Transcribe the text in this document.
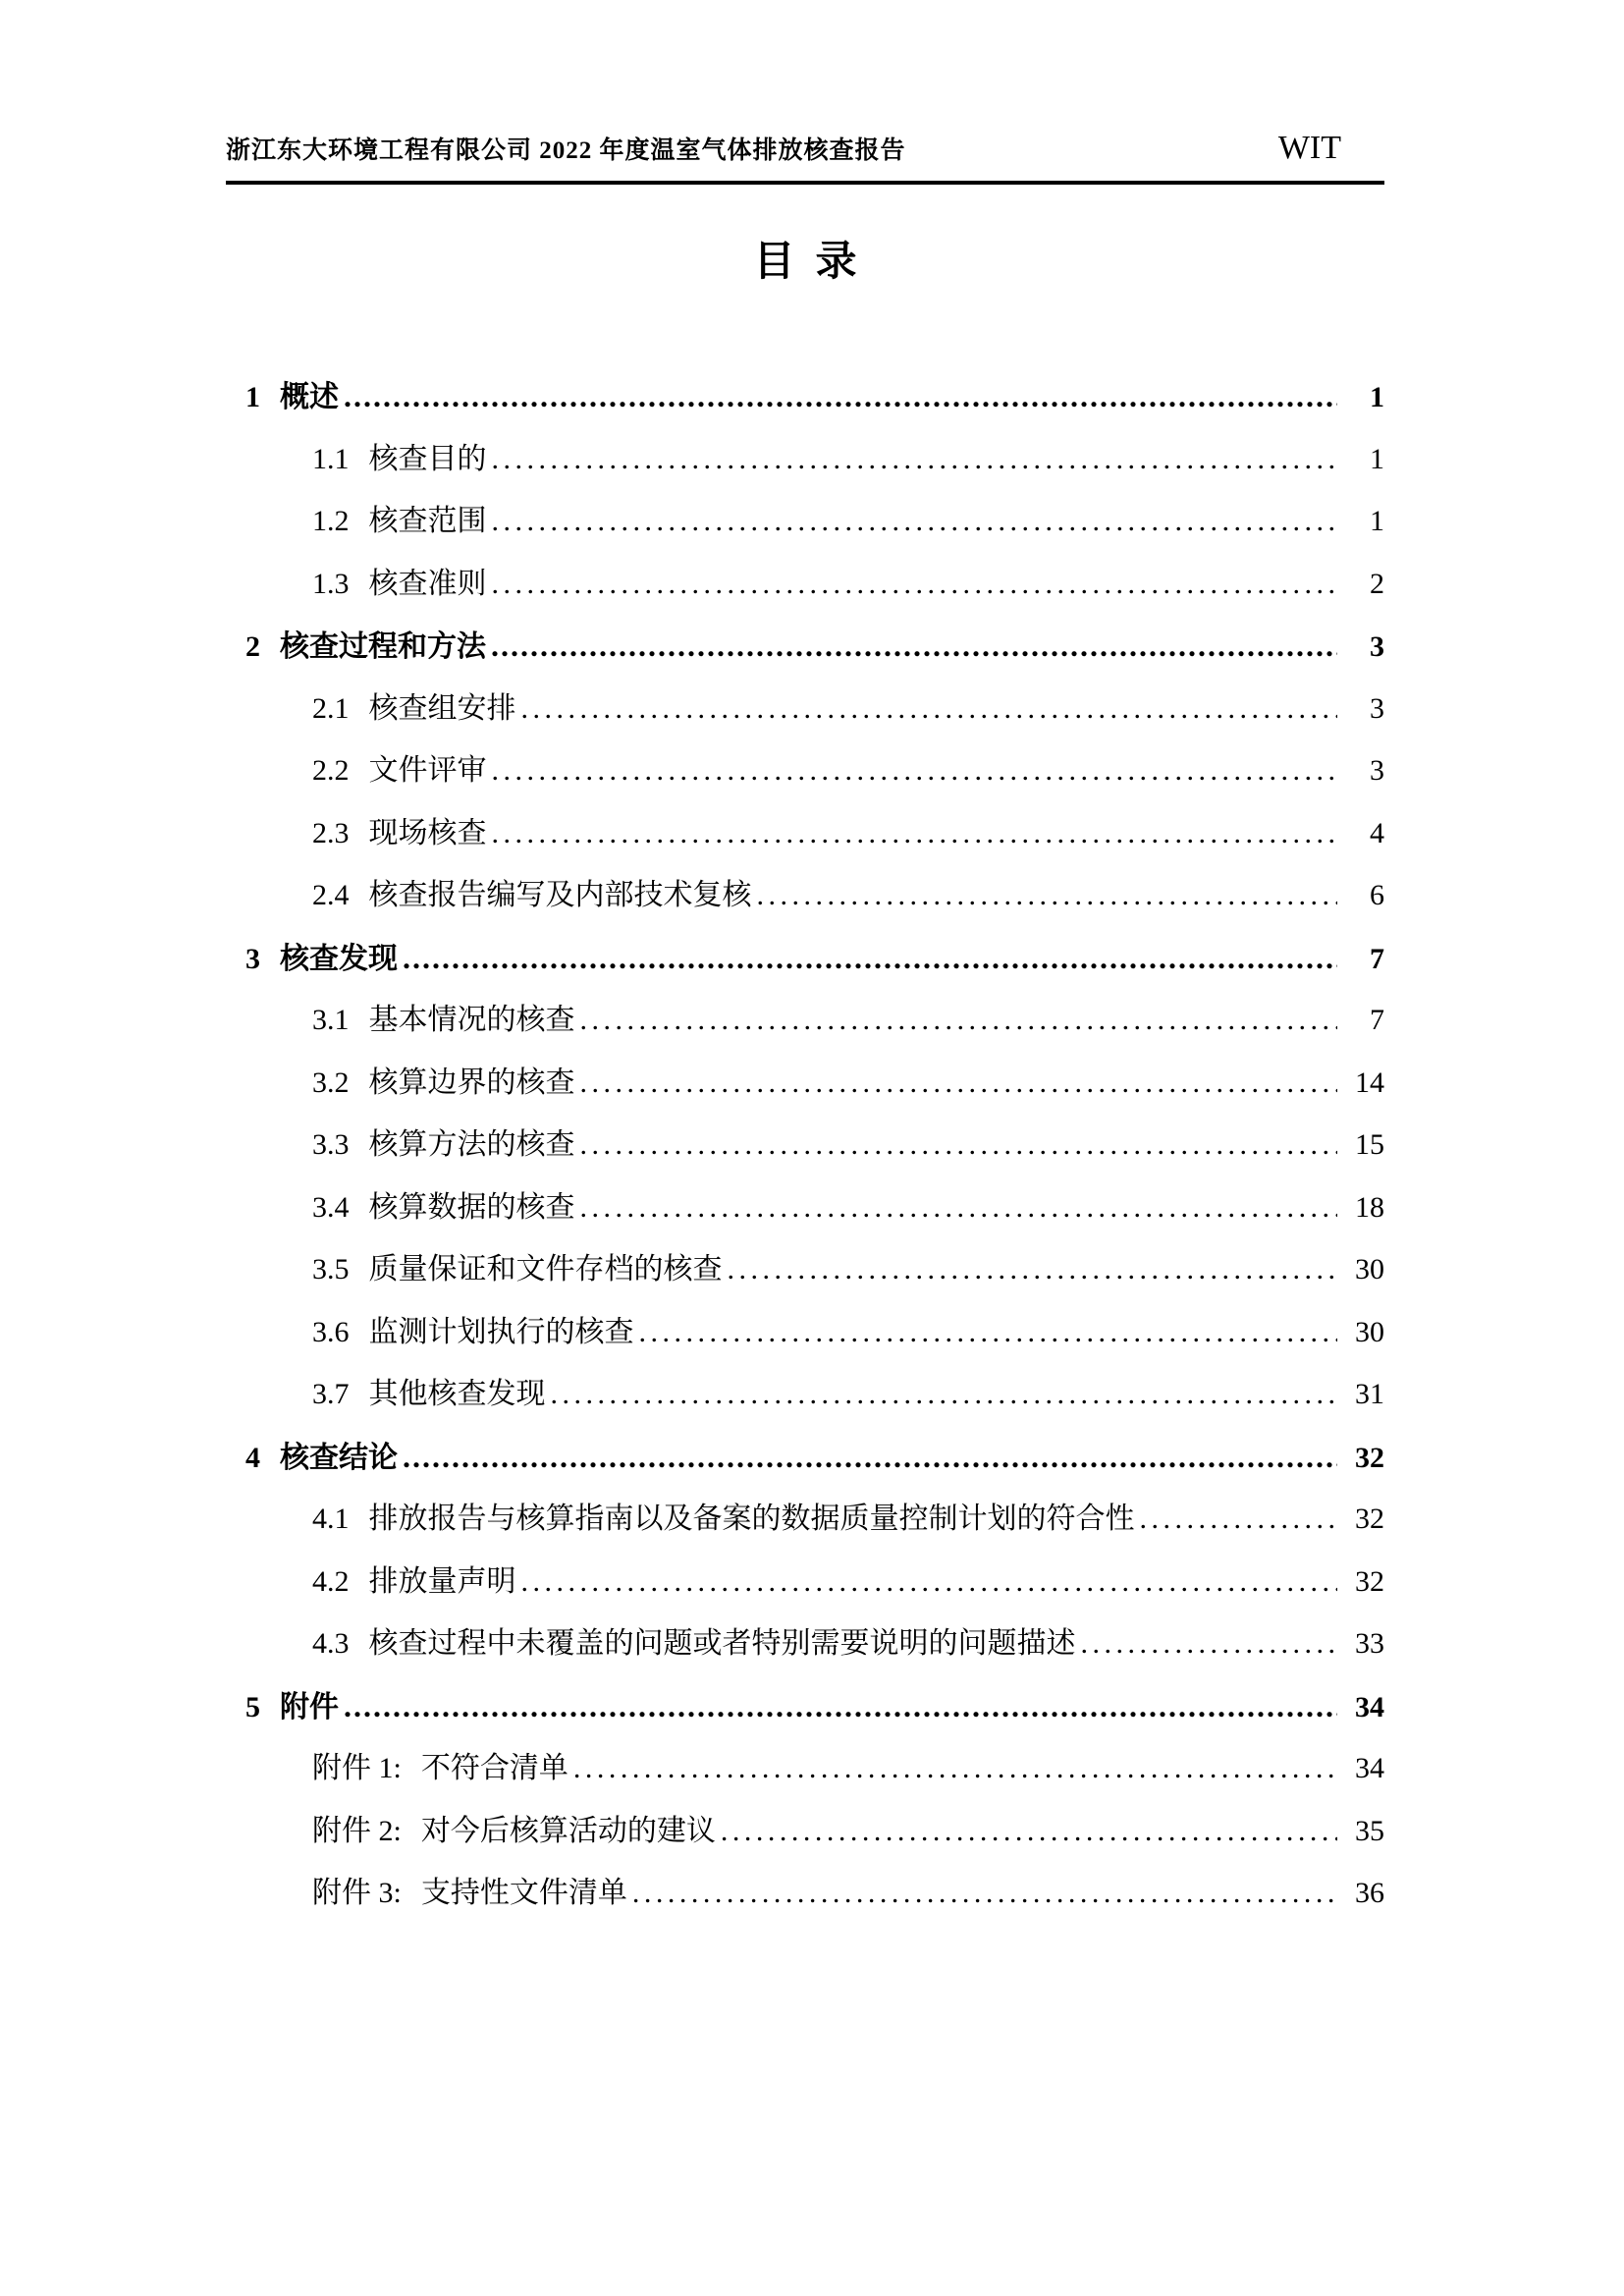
浙江东大环境工程有限公司 2022 年度温室气体排放核查报告	WIT
目  录
1 概述 .....	1
1.1 核查目的 .....	1
1.2 核查范围 .....	1
1.3 核查准则 .....	2
2 核查过程和方法 .....	3
2.1 核查组安排 .....	3
2.2 文件评审 .....	3
2.3 现场核查 .....	4
2.4 核查报告编写及内部技术复核 .....	6
3 核查发现 .....	7
3.1 基本情况的核查 .....	7
3.2 核算边界的核查 .....	14
3.3 核算方法的核查 .....	15
3.4 核算数据的核查 .....	18
3.5 质量保证和文件存档的核查 .....	30
3.6 监测计划执行的核查 .....	30
3.7 其他核查发现 .....	31
4 核查结论 .....	32
4.1 排放报告与核算指南以及备案的数据质量控制计划的符合性 .....	32
4.2 排放量声明 .....	32
4.3 核查过程中未覆盖的问题或者特别需要说明的问题描述 .....	33
5 附件 .....	34
附件 1: 不符合清单 .....	34
附件 2: 对今后核算活动的建议 .....	35
附件 3: 支持性文件清单 .....	36
